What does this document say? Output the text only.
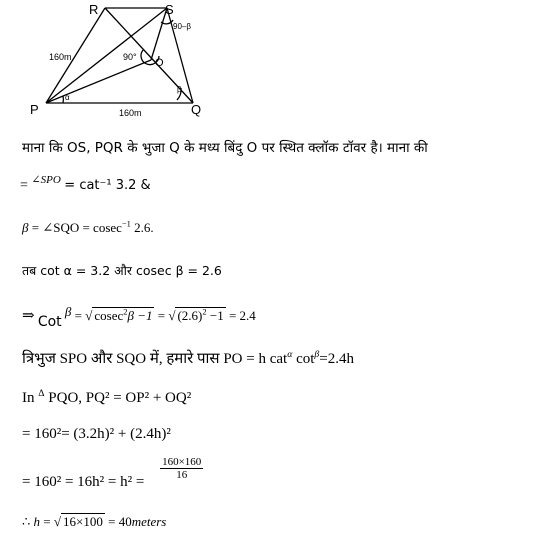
R	S
P	Q
O
160m
160m
90°
90–β
α
β
माना कि OS, PQR के भुजा Q के मध्य बिंदु O पर स्थित क्लॉक टॉवर है। माना की
= $^{\angle SPO}$ = cat⁻¹ 3.2 &
β = ∠SQO = cosec$^{-1}$ 2.6.
तब cot α = 3.2 और cosec β = 2.6
⇒ Cot β = √ cosec$^2$β −1 = √ $(2.6)^2 -1 = 2.4$
त्रिभुज SPO और SQO में, हमारे पास PO = h cat$^\alpha$ $\cot^\beta=2.4h$
In $^\Delta$ PQO, PQ² = OP² + OQ²
= 160²= (3.2h)² + (2.4h)²
= 160² = 16h² = h² =
$\frac{160\times 160}{16}$
∴ h = √ 16×100 = 40meters
